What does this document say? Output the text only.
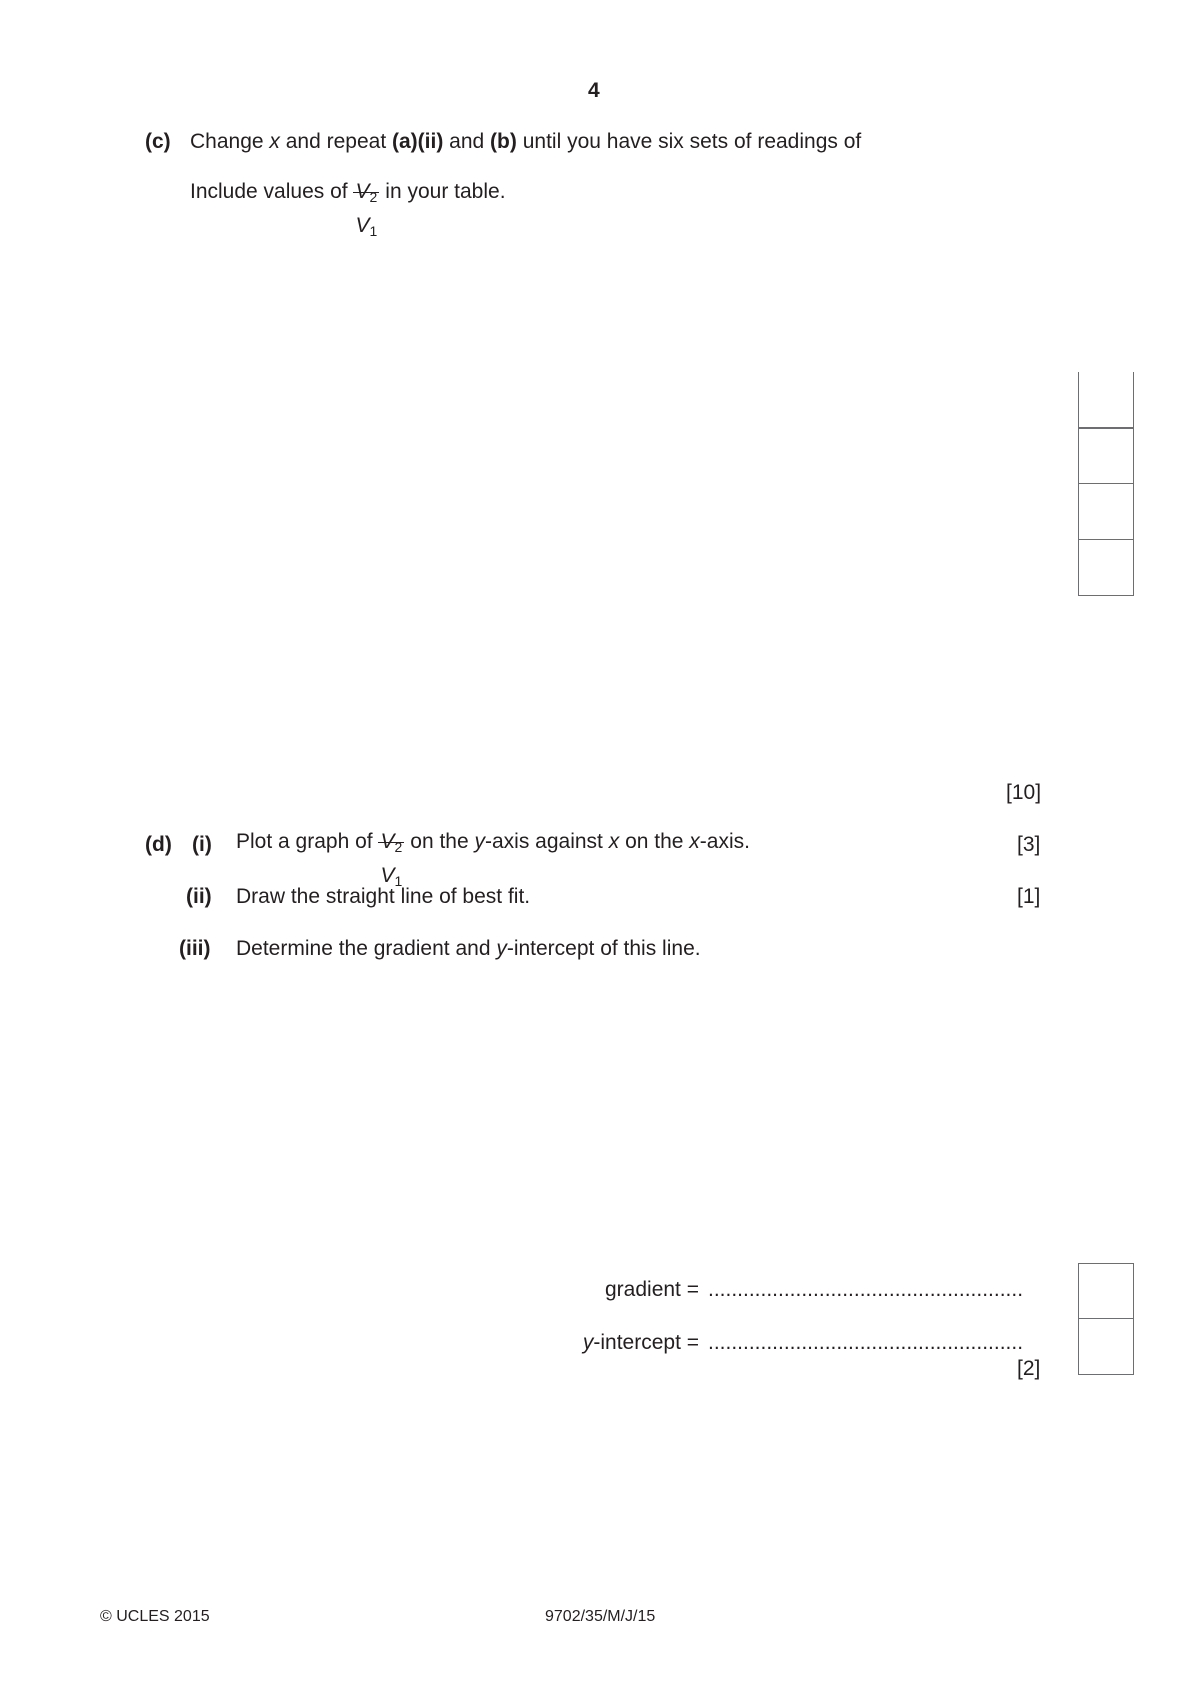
4
(c) Change x and repeat (a)(ii) and (b) until you have six sets of readings of
Include values of $V_2$
$V_1$
in your table.
[10]
(d) (i) Plot a graph of $V_2$
$V_1$
on the y-axis against x on the x-axis.	[3]
(ii) Draw the straight line of best fit.	[1]
(iii) Determine the gradient and y-intercept of this line.
gradient = ......................................................
y-intercept = ......................................................
[2]
© UCLES 2015	9702/35/M/J/15
